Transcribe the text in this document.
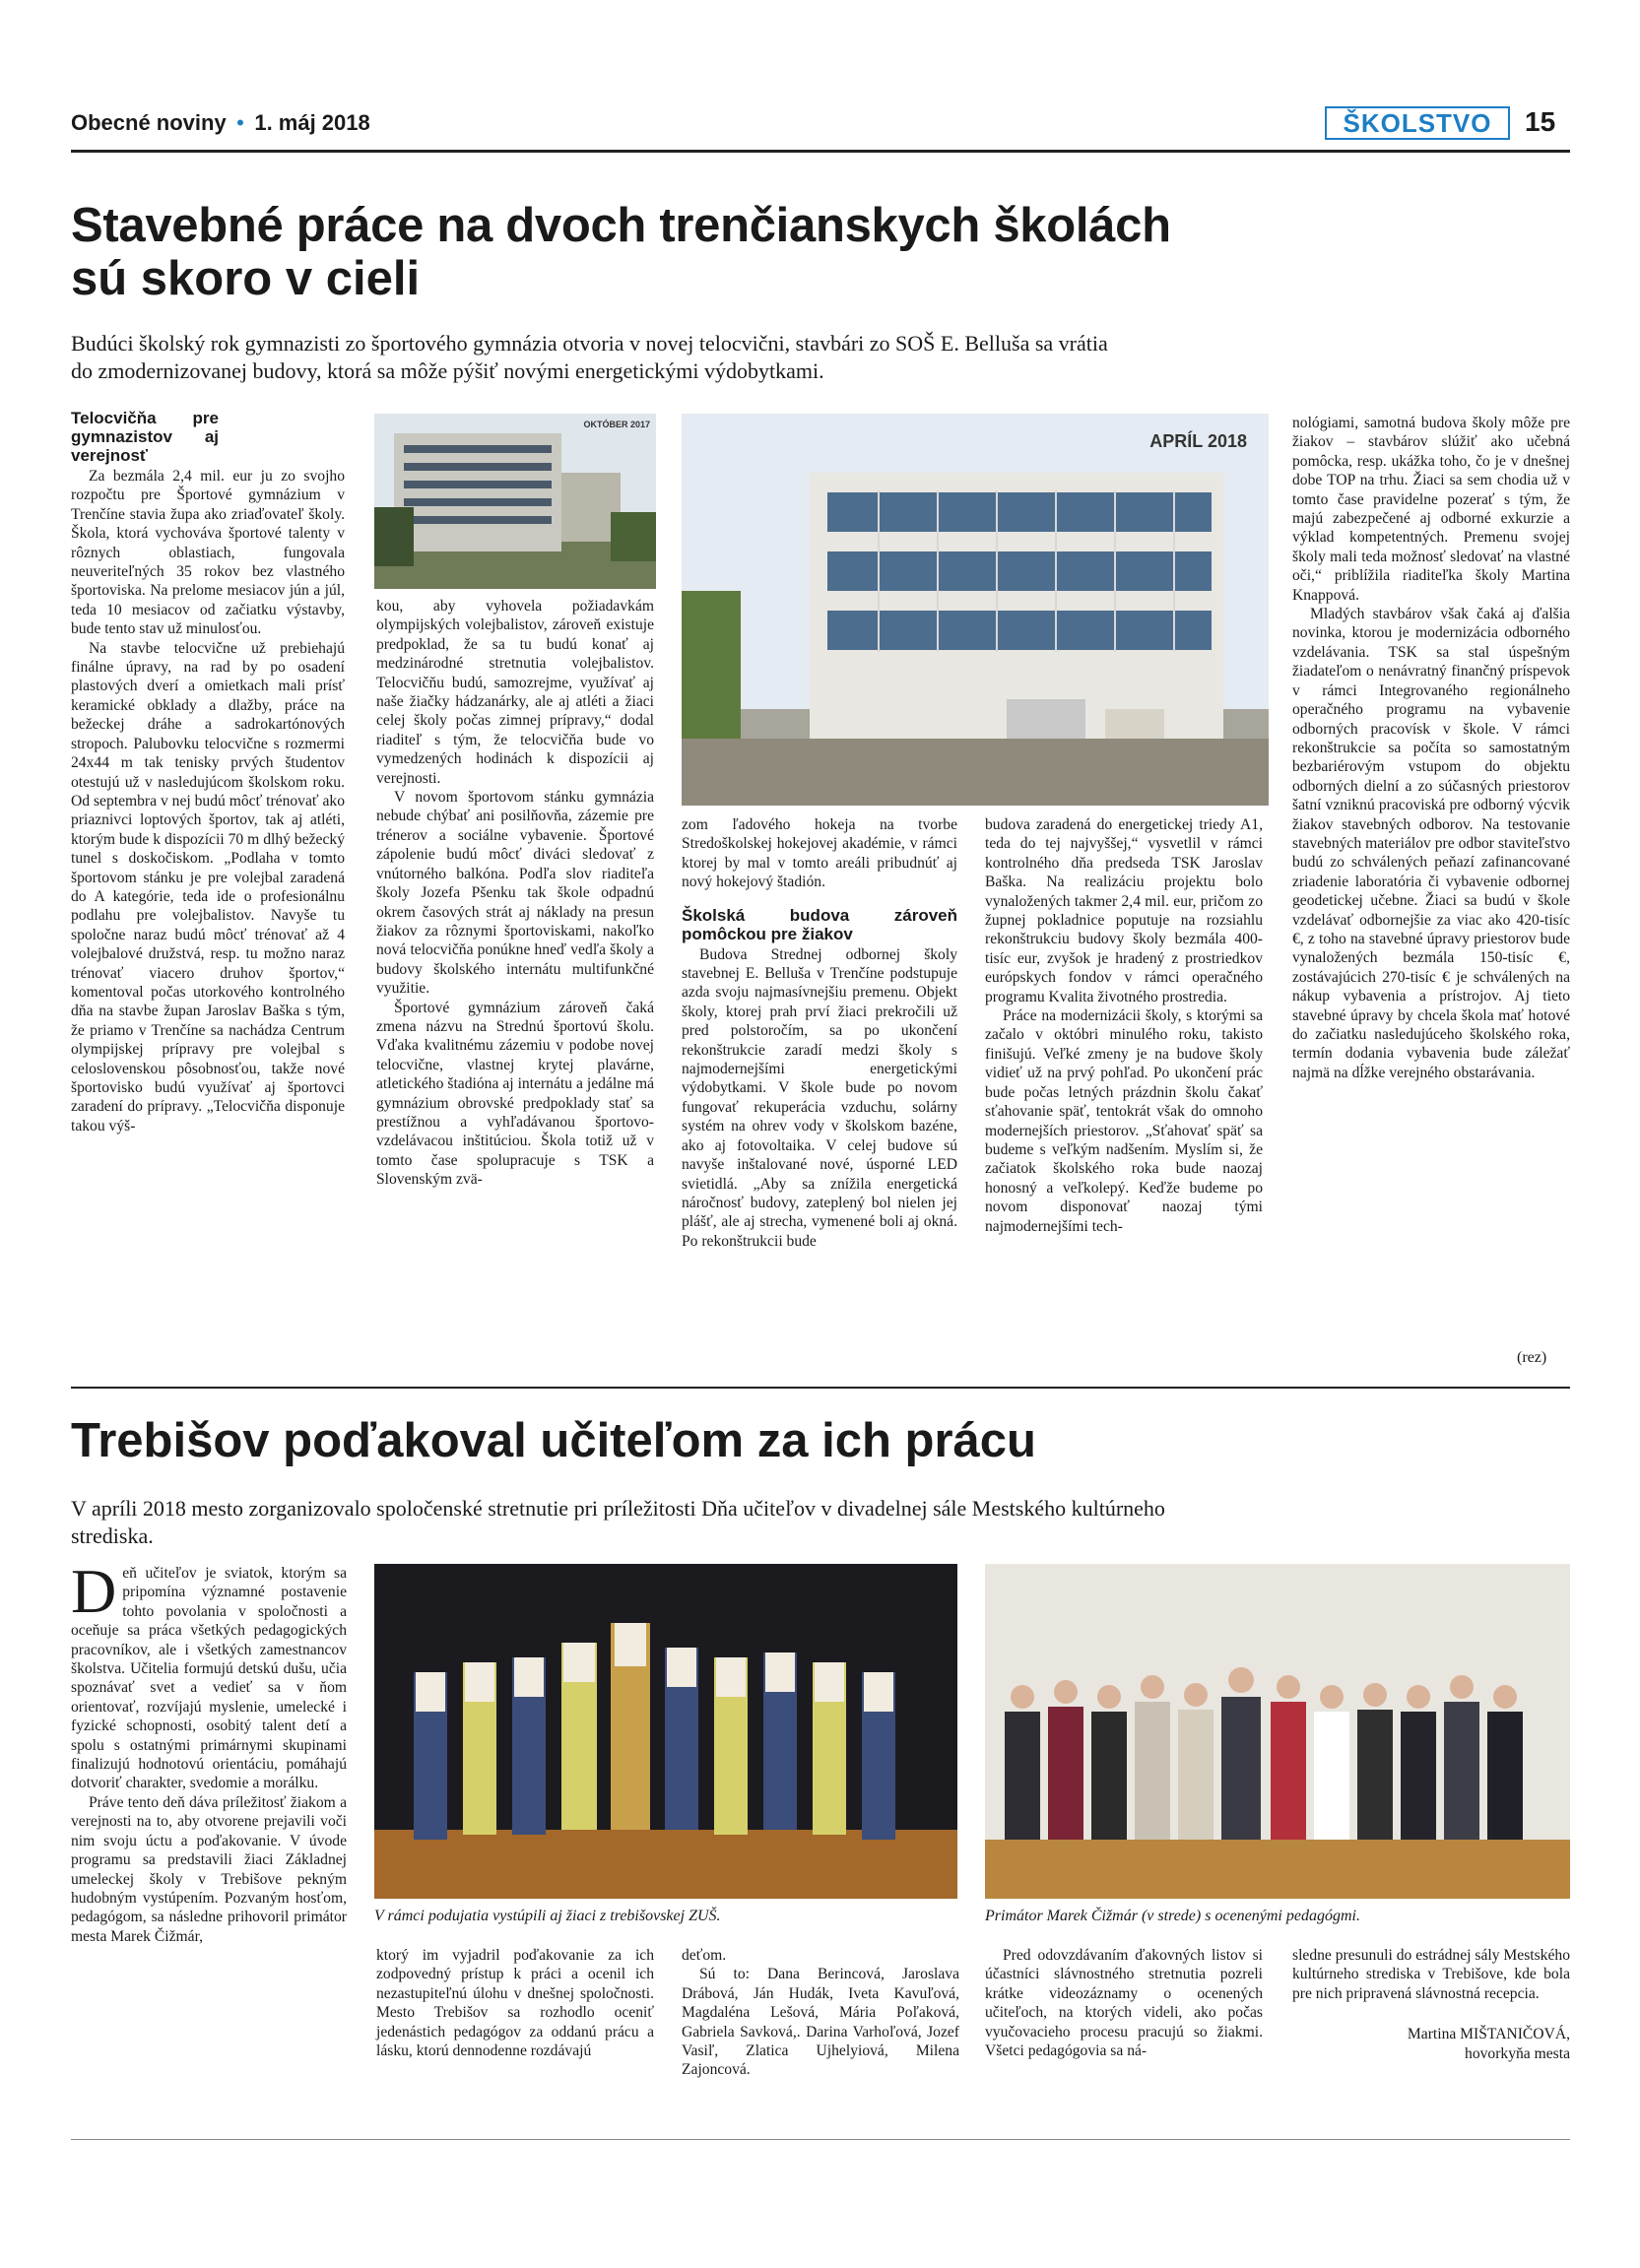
Obecné noviny • 1. máj 2018	ŠKOLSTVO	15
Stavebné práce na dvoch trenčianskych školách
sú skoro v cieli
Budúci školský rok gymnazisti zo športového gymnázia otvoria v novej telocvični, stavbári zo SOŠ E. Belluša sa vrátia
do zmodernizovanej budovy, ktorá sa môže pýšiť novými energetickými výdobytkami.
Telocvičňa pre gymnazistov aj verejnosť

Za bezmála 2,4 mil. eur ju zo svojho rozpočtu pre Športové gymnázium v Trenčíne stavia župa ako zriaďovateľ školy. Škola, ktorá vychováva športové talenty v rôznych oblastiach, fungovala neuveriteľných 35 rokov bez vlastného športoviska. Na prelome mesiacov jún a júl, teda 10 mesiacov od začiatku výstavby, bude tento stav už minulosťou.

Na stavbe telocvične už prebiehajú finálne úpravy, na rad by po osadení plastových dverí a omietkach mali prísť keramické obklady a dlažby, práce na bežeckej dráhe a sadrokartónových stropoch. Palubovku telocvične s rozmermi 24x44 m tak tenisky prvých študentov otestujú už v nasledujúcom školskom roku. Od septembra v nej budú môcť trénovať ako priaznivci loptových športov, tak aj atléti, ktorým bude k dispozícii 70 m dlhý bežecký tunel s doskočiskom. „Podlaha v tomto športovom stánku je pre volejbal zaradená do A kategórie, teda ide o profesionálnu podlahu pre volejbalistov. Navyše tu spoločne naraz budú môcť trénovať až 4 volejbalové družstvá, resp. tu možno naraz trénovať viacero druhov športov,“ komentoval počas utorkového kontrolného dňa na stavbe župan Jaroslav Baška s tým, že priamo v Trenčíne sa nachádza Centrum olympijskej prípravy pre volejbal s celoslovenskou pôsobnosťou, takže nové športovisko budú využívať aj športovci zaradení do prípravy. „Telocvičňa disponuje takou výš-

OKTÓBER 2017

kou, aby vyhovela požiadavkám olympijských volejbalistov, zároveň existuje predpoklad, že sa tu budú konať aj medzinárodné stretnutia volejbalistov. Telocvičňu budú, samozrejme, využívať aj naše žiačky hádzanárky, ale aj atléti a žiaci celej školy počas zimnej prípravy,“ dodal riaditeľ s tým, že telocvičňa bude vo vymedzených hodinách k dispozícii aj verejnosti.

V novom športovom stánku gymnázia nebude chýbať ani posilňovňa, zázemie pre trénerov a sociálne vybavenie. Športové zápolenie budú môcť diváci sledovať z vnútorného balkóna. Podľa slov riaditeľa školy Jozefa Pšenku tak škole odpadnú okrem časových strát aj náklady na presun žiakov za rôznymi športoviskami, nakoľko nová telocvičňa ponúkne hneď vedľa školy a budovy školského internátu multifunkčné využitie.

Športové gymnázium zároveň čaká zmena názvu na Strednú športovú školu. Vďaka kvalitnému zázemiu v podobe novej telocvične, vlastnej krytej plavárne, atletického štadióna aj internátu a jedálne má gymnázium obrovské predpoklady stať sa prestížnou a vyhľadávanou športovo-vzdelávacou inštitúciou. Škola totiž už v tomto čase spolupracuje s TSK a Slovenským zvä-

APRÍL 2018

zom ľadového hokeja na tvorbe Stredoškolskej hokejovej akadémie, v rámci ktorej by mal v tomto areáli pribudnúť aj nový hokejový štadión.

Školská budova zároveň pomôckou pre žiakov

Budova Strednej odbornej školy stavebnej E. Belluša v Trenčíne podstupuje azda svoju najmasívnejšiu premenu. Objekt školy, ktorej prah prví žiaci prekročili už pred polstoročím, sa po ukončení rekonštrukcie zaradí medzi školy s najmodernejšími energetickými výdobytkami. V škole bude po novom fungovať rekuperácia vzduchu, solárny systém na ohrev vody v školskom bazéne, ako aj fotovoltaika. V celej budove sú navyše inštalované nové, úsporné LED svietidlá. „Aby sa znížila energetická náročnosť budovy, zateplený bol nielen jej plášť, ale aj strecha, vymenené boli aj okná. Po rekonštrukcii bude

budova zaradená do energetickej triedy A1, teda do tej najvyššej,“ vysvetlil v rámci kontrolného dňa predseda TSK Jaroslav Baška. Na realizáciu projektu bolo vynaložených takmer 2,4 mil. eur, pričom zo župnej pokladnice poputuje na rozsiahlu rekonštrukciu budovy školy bezmála 400-tisíc eur, zvyšok je hradený z prostriedkov európskych fondov v rámci operačného programu Kvalita životného prostredia.

Práce na modernizácii školy, s ktorými sa začalo v októbri minulého roku, takisto finišujú. Veľké zmeny je na budove školy vidieť už na prvý pohľad. Po ukončení prác bude počas letných prázdnin školu čakať sťahovanie späť, tentokrát však do omnoho modernejších priestorov. „Sťahovať späť sa budeme s veľkým nadšením. Myslím si, že začiatok školského roka bude naozaj honosný a veľkolepý. Keďže budeme po novom disponovať naozaj tými najmodernejšími tech-

nológiami, samotná budova školy môže pre žiakov – stavbárov slúžiť ako učebná pomôcka, resp. ukážka toho, čo je v dnešnej dobe TOP na trhu. Žiaci sa sem chodia už v tomto čase pravidelne pozerať s tým, že majú zabezpečené aj odborné exkurzie a výklad kompetentných. Premenu svojej školy mali teda možnosť sledovať na vlastné oči,“ priblížila riaditeľka školy Martina Knappová.

Mladých stavbárov však čaká aj ďalšia novinka, ktorou je modernizácia odborného vzdelávania. TSK sa stal úspešným žiadateľom o nenávratný finančný príspevok v rámci Integrovaného regionálneho operačného programu na vybavenie odborných pracovísk v škole. V rámci rekonštrukcie sa počíta so samostatným bezbariérovým vstupom do objektu odborných dielní a zo súčasných priestorov šatní vzniknú pracoviská pre odborný výcvik žiakov stavebných odborov. Na testovanie stavebných materiálov pre odbor staviteľstvo budú zo schválených peňazí zafinancované zriadenie laboratória či vybavenie odbornej geodetickej učebne. Žiaci sa budú v škole vzdelávať odbornejšie za viac ako 420-tisíc €, z toho na stavebné úpravy priestorov bude vynaložených bezmála 150-tisíc €, zostávajúcich 270-tisíc € je schválených na nákup vybavenia a prístrojov. Aj tieto stavebné úpravy by chcela škola mať hotové do začiatku nasledujúceho školského roka, termín dodania vybavenia bude záležať najmä na dĺžke verejného obstarávania.

(rez)
Trebišov poďakoval učiteľom za ich prácu
V apríli 2018 mesto zorganizovalo spoločenské stretnutie pri príležitosti Dňa učiteľov v divadelnej sále Mestského kultúrneho
strediska.

Deň učiteľov je sviatok, ktorým sa pripomína významné postavenie tohto povolania v spoločnosti a oceňuje sa práca všetkých pedagogických pracovníkov, ale i všetkých zamestnancov školstva. Učitelia formujú detskú dušu, učia spoznávať svet a vedieť sa v ňom orientovať, rozvíjajú myslenie, umelecké i fyzické schopnosti, osobitý talent detí a spolu s ostatnými primárnymi skupinami finalizujú hodnotovú orientáciu, pomáhajú dotvoriť charakter, svedomie a morálku.

Práve tento deň dáva príležitosť žiakom a verejnosti na to, aby otvorene prejavili voči nim svoju úctu a poďakovanie. V úvode programu sa predstavili žiaci Základnej umeleckej školy v Trebišove pekným hudobným vystúpením. Pozvaným hosťom, pedagógom, sa následne prihovoril primátor mesta Marek Čižmár,

V rámci podujatia vystúpili aj žiaci z trebišovskej ZUŠ.	Primátor Marek Čižmár (v strede) s ocenenými pedagógmi.

ktorý im vyjadril poďakovanie za ich zodpovedný prístup k práci a ocenil ich nezastupiteľnú úlohu v dnešnej spoločnosti. Mesto Trebišov sa rozhodlo oceniť jedenástich pedagógov za oddanú prácu a lásku, ktorú dennodenne rozdávajú

deťom.

Sú to: Dana Berincová, Jaroslava Drábová, Ján Hudák, Iveta Kavuľová, Magdaléna Lešová, Mária Poľaková, Gabriela Savková,. Darina Varhoľová, Jozef Vasiľ, Zlatica Ujhelyiová, Milena Zajoncová.

Pred odovzdávaním ďakovných listov si účastníci slávnostného stretnutia pozreli krátke videozáznamy o ocenených učiteľoch, na ktorých videli, ako počas vyučovacieho procesu pracujú so žiakmi. Všetci pedagógovia sa ná-

sledne presunuli do estrádnej sály Mestského kultúrneho strediska v Trebišove, kde bola pre nich pripravená slávnostná recepcia.

Martina MIŠTANIČOVÁ,
hovorkyňa mesta
